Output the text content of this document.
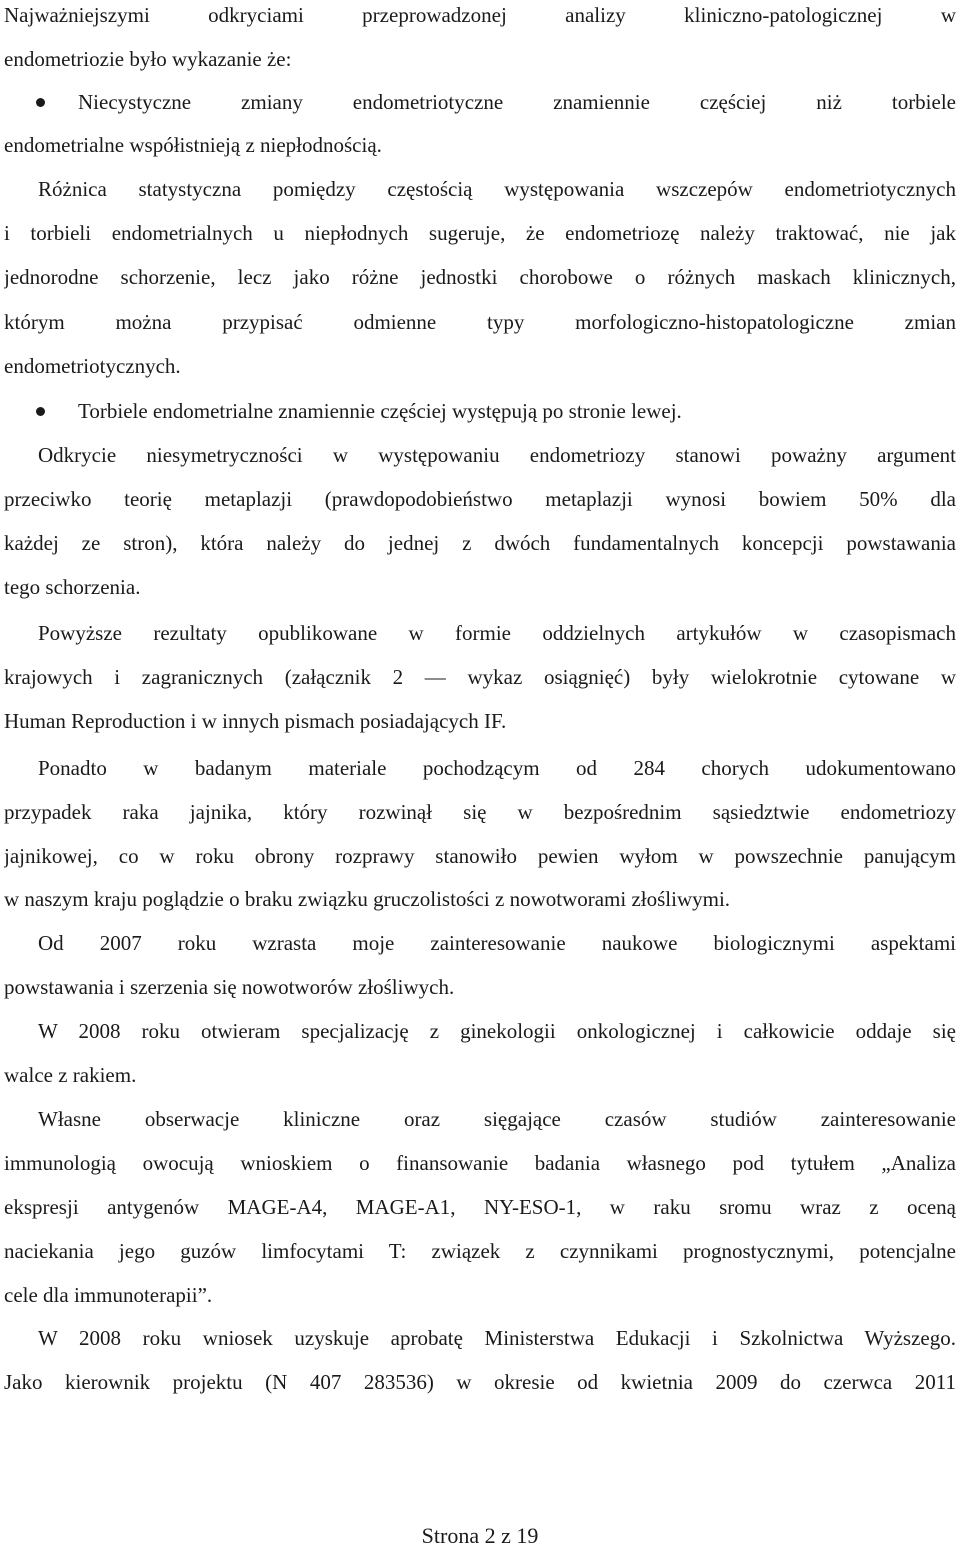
Najważniejszymi odkryciami przeprowadzonej analizy kliniczno-patologicznej w
endometriozie było wykazanie że:
Niecystyczne zmiany endometriotyczne znamiennie częściej niż torbiele
endometrialne współistnieją z niepłodnością.
Różnica statystyczna pomiędzy częstością występowania wszczepów endometriotycznych
i torbieli endometrialnych u niepłodnych sugeruje, że endometriozę należy traktować, nie jak
jednorodne schorzenie, lecz jako różne jednostki chorobowe o różnych maskach klinicznych,
którym można przypisać odmienne typy morfologiczno-histopatologiczne zmian
endometriotycznych.
Torbiele endometrialne znamiennie częściej występują po stronie lewej.
Odkrycie niesymetryczności w występowaniu endometriozy stanowi poważny argument
przeciwko teorię metaplazji (prawdopodobieństwo metaplazji wynosi bowiem 50% dla
każdej ze stron), która należy do jednej z dwóch fundamentalnych koncepcji powstawania
tego schorzenia.
Powyższe rezultaty opublikowane w formie oddzielnych artykułów w czasopismach
krajowych i zagranicznych (załącznik 2 — wykaz osiągnięć) były wielokrotnie cytowane w
Human Reproduction i w innych pismach posiadających IF.
Ponadto w badanym materiale pochodzącym od 284 chorych udokumentowano
przypadek raka jajnika, który rozwinął się w bezpośrednim sąsiedztwie endometriozy
jajnikowej, co w roku obrony rozprawy stanowiło pewien wyłom w powszechnie panującym
w naszym kraju poglądzie o braku związku gruczolistości z nowotworami złośliwymi.
Od 2007 roku wzrasta moje zainteresowanie naukowe biologicznymi aspektami
powstawania i szerzenia się nowotworów złośliwych.
W 2008 roku otwieram specjalizację z ginekologii onkologicznej i całkowicie oddaje się
walce z rakiem.
Własne obserwacje kliniczne oraz sięgające czasów studiów zainteresowanie
immunologią owocują wnioskiem o finansowanie badania własnego pod tytułem „Analiza
ekspresji antygenów MAGE-A4, MAGE-A1, NY-ESO-1, w raku sromu wraz z oceną
naciekania jego guzów limfocytami T: związek z czynnikami prognostycznymi, potencjalne
cele dla immunoterapii”.
W 2008 roku wniosek uzyskuje aprobatę Ministerstwa Edukacji i Szkolnictwa Wyższego.
Jako kierownik projektu (N 407 283536) w okresie od kwietnia 2009 do czerwca 2011
Strona 2 z 19
